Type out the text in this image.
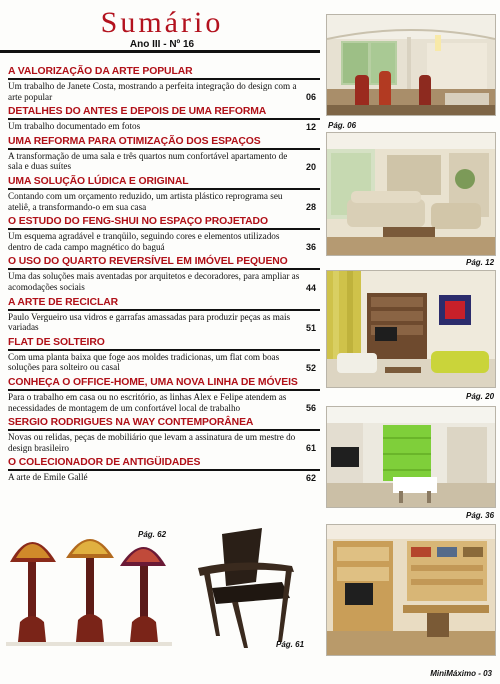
Sumário
Ano III - Nº 16
A VALORIZAÇÃO DA ARTE POPULAR
Um trabalho de Janete Costa, mostrando a perfeita integração do design com a arte popular	06
DETALHES DO ANTES E DEPOIS DE UMA REFORMA
Um trabalho documentado em fotos	12
UMA REFORMA PARA OTIMIZAÇÃO DOS ESPAÇOS
A transformação de uma sala e três quartos num confortável apartamento de sala e duas suítes	20
UMA SOLUÇÃO LÚDICA E ORIGINAL
Contando com um orçamento reduzido, um artista plástico reprograma seu ateliê, a transformando-o em sua casa	28
O ESTUDO DO FENG-SHUI NO ESPAÇO PROJETADO
Um esquema agradável e tranqüilo, seguindo cores e elementos utilizados dentro de cada campo magnético do baguá	36
O USO DO QUARTO REVERSÍVEL EM IMÓVEL PEQUENO
Uma das soluções mais aventadas por arquitetos e decoradores, para ampliar as acomodações sociais	44
A ARTE DE RECICLAR
Paulo Vergueiro usa vidros e garrafas amassadas para produzir peças as mais variadas	51
FLAT DE SOLTEIRO
Com uma planta baixa que foge aos moldes tradicionas, um flat com boas soluções para solteiro ou casal	52
CONHEÇA O OFFICE-HOME, UMA NOVA LINHA DE MÓVEIS
Para o trabalho em casa ou no escritório, as linhas Alex e Felipe atendem as necessidades de montagem de um confortável local de trabalho	56
SERGIO RODRIGUES NA WAY CONTEMPORÂNEA
Novas ou relidas, peças de mobiliário que levam a assinatura de um mestre do design brasileiro	61
O COLECIONADOR DE ANTIGÜIDADES
A arte de Emile Gallé	62
Pág. 06
Pág. 12
Pág. 20
Pág. 36
Pág. 62
Pág. 61
MiniMáximo - 03
